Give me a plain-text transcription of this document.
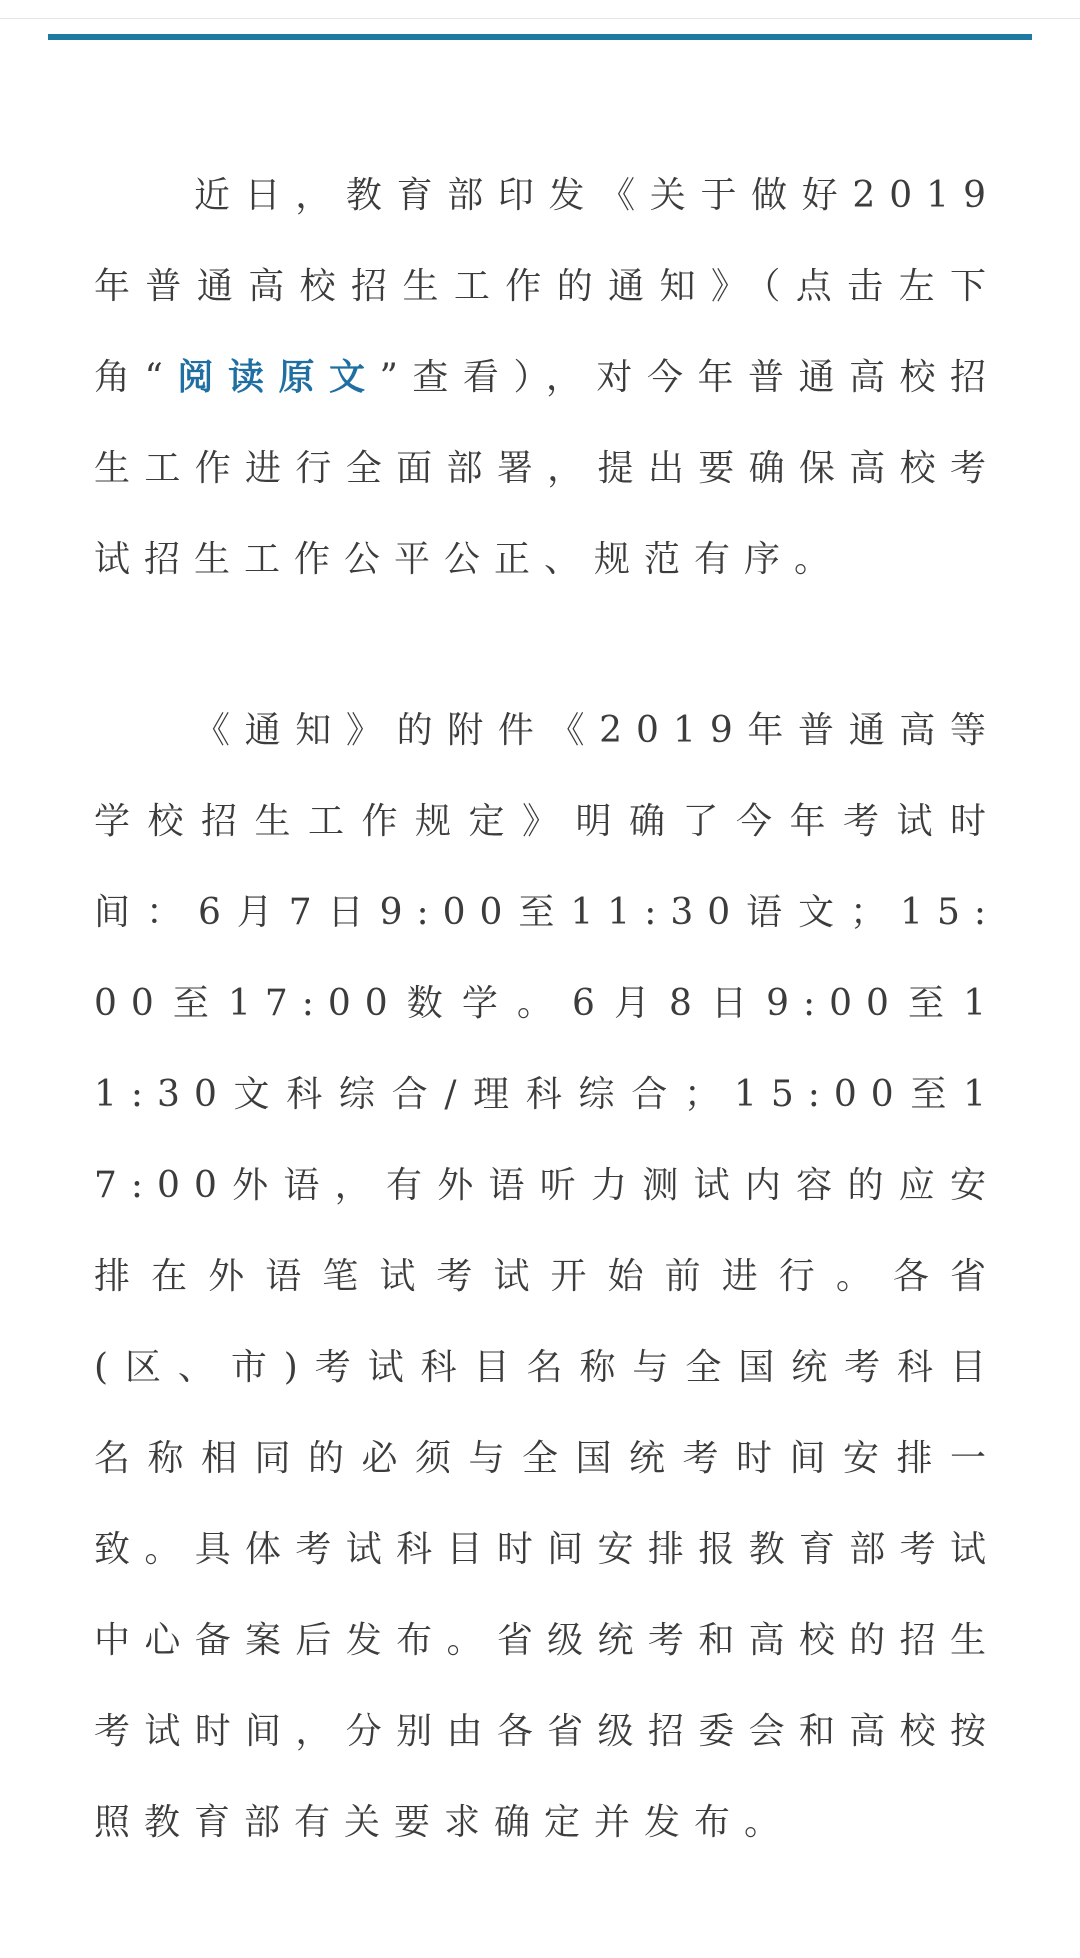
近日，教育部印发《关于做好2019年普通高校招生工作的通知》（点击左下角“阅读原文”查看），对今年普通高校招生工作进行全面部署，提出要确保高校考试招生工作公平公正、规范有序。

《通知》的附件《2019年普通高等学校招生工作规定》明确了今年考试时间：6月7日9:00至11:30语文；15:00至17:00数学。6月8日9:00至11:30文科综合/理科综合；15:00至17:00外语，有外语听力测试内容的应安排在外语笔试考试开始前进行。各省(区、市)考试科目名称与全国统考科目名称相同的必须与全国统考时间安排一致。具体考试科目时间安排报教育部考试中心备案后发布。省级统考和高校的招生考试时间，分别由各省级招委会和高校按照教育部有关要求确定并发布。
